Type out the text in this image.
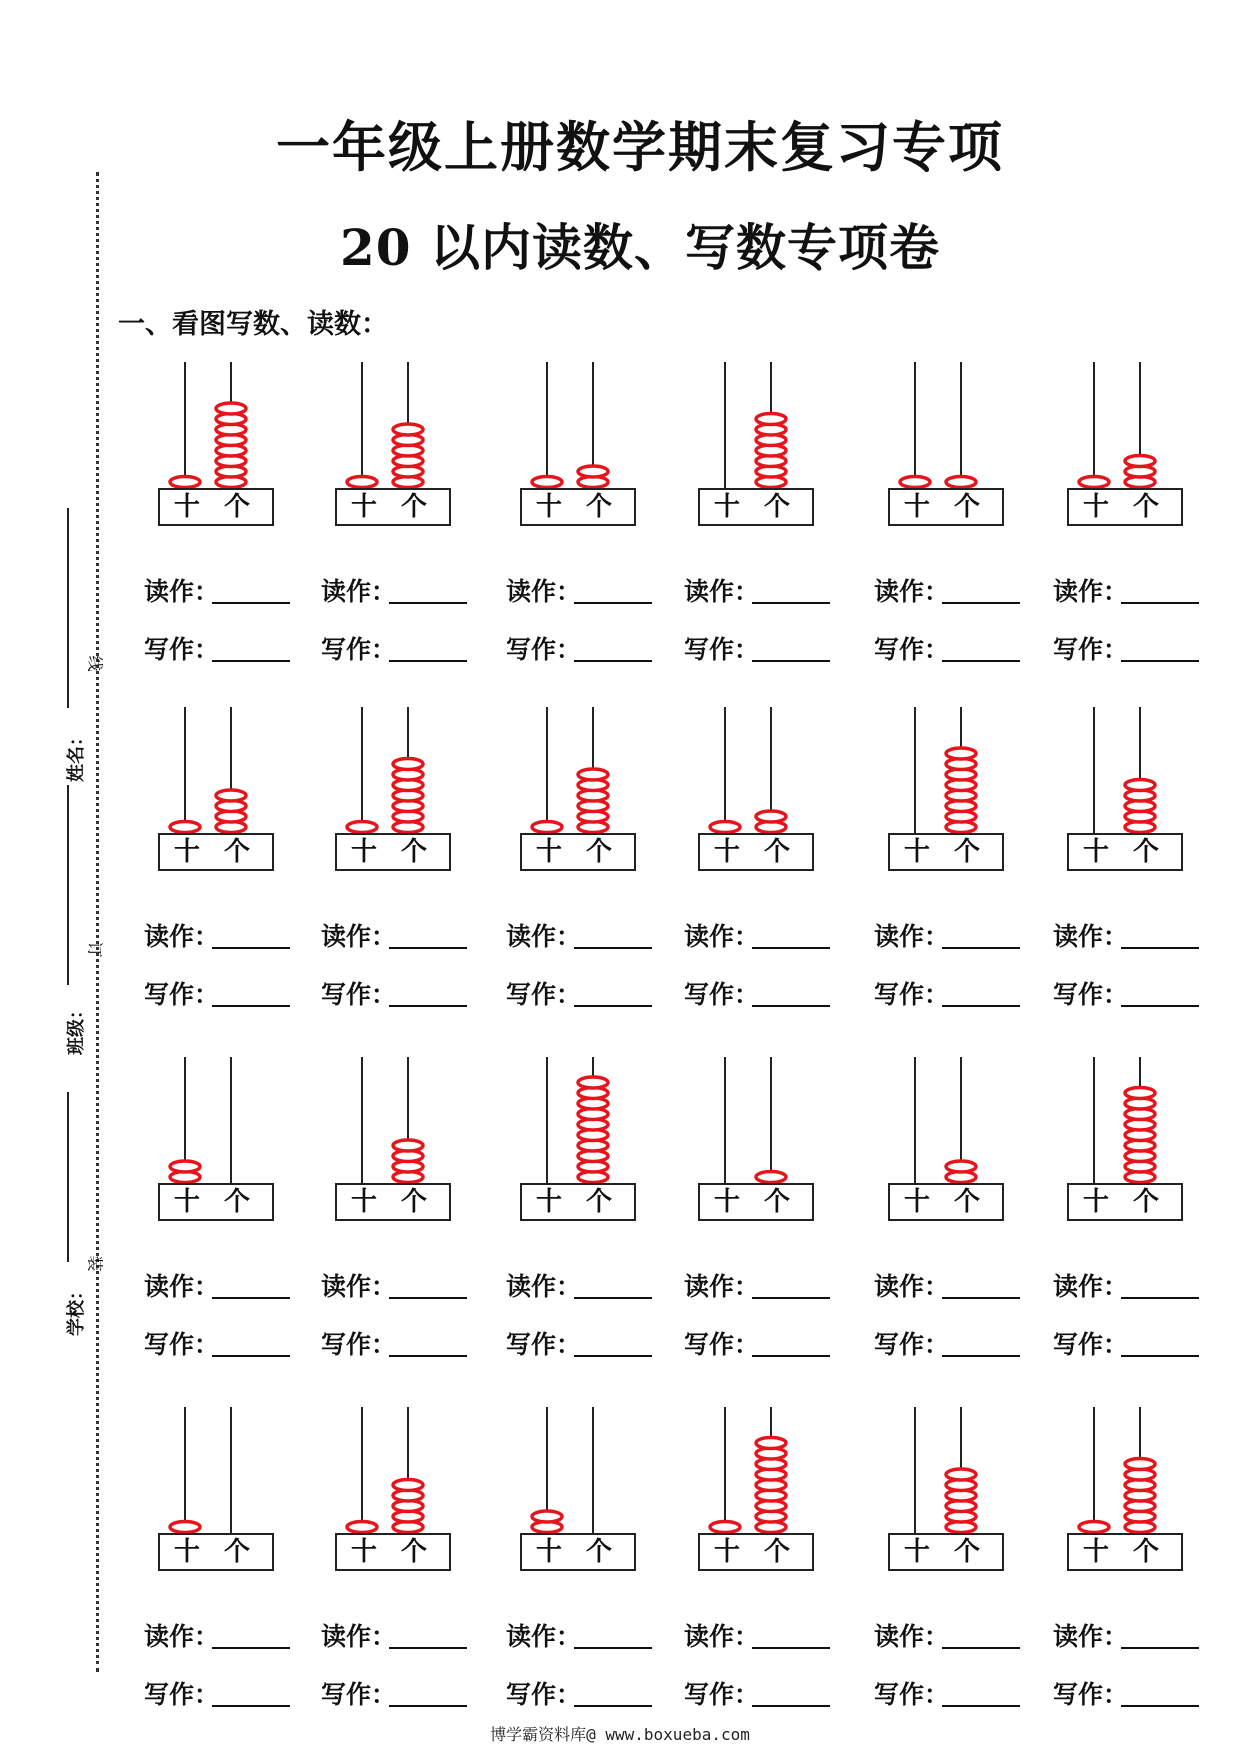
一年级上册数学期末复习专项
20 以内读数、写数专项卷
一、看图写数、读数：
姓名：
班级：
学校：
线
订
装
十 个
读作：
写作：
十 个
读作：
写作：
十 个
读作：
写作：
十 个
读作：
写作：
十 个
读作：
写作：
十 个
读作：
写作：
十 个
读作：
写作：
十 个
读作：
写作：
十 个
读作：
写作：
十 个
读作：
写作：
十 个
读作：
写作：
十 个
读作：
写作：
十 个
读作：
写作：
十 个
读作：
写作：
十 个
读作：
写作：
十 个
读作：
写作：
十 个
读作：
写作：
十 个
读作：
写作：
十 个
读作：
写作：
十 个
读作：
写作：
十 个
读作：
写作：
十 个
读作：
写作：
十 个
读作：
写作：
十 个
读作：
写作：
博学霸资料库@ www.boxueba.com
